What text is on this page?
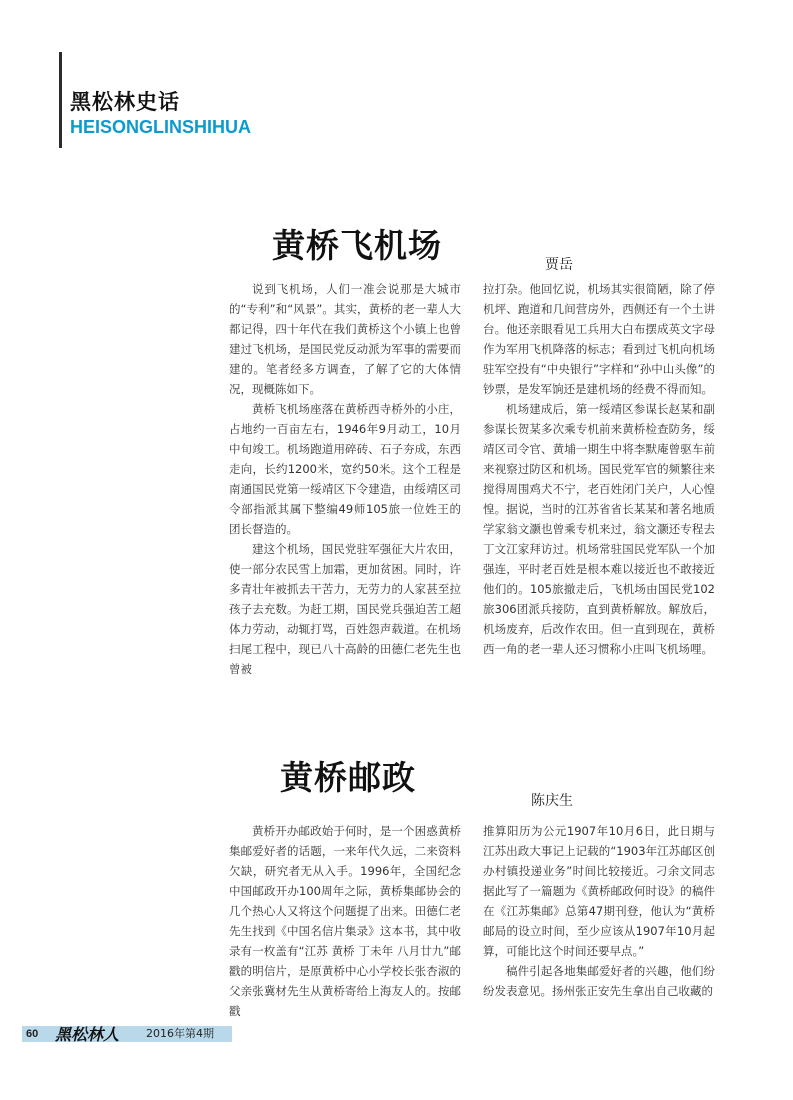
黑松林史话
HEISONGLINSHIHUA
黄桥飞机场	贾岳

说到飞机场，人们一准会说那是大城市的“专利”和“风景”。其实，黄桥的老一辈人大都记得，四十年代在我们黄桥这个小镇上也曾建过飞机场，是国民党反动派为军事的需要而建的。笔者经多方调查，了解了它的大体情况，现概陈如下。

黄桥飞机场座落在黄桥西寺桥外的小庄，占地约一百亩左右，1946年9月动工，10月中旬竣工。机场跑道用碎砖、石子夯成，东西走向，长约1200米，宽约50米。这个工程是南通国民党第一绥靖区下令建造，由绥靖区司令部指派其属下整编49师105旅一位姓王的团长督造的。

建这个机场，国民党驻军强征大片农田，使一部分农民雪上加霜，更加贫困。同时，许多青壮年被抓去干苦力，无劳力的人家甚至拉孩子去充数。为赶工期，国民党兵强迫苦工超体力劳动，动辄打骂，百姓怨声载道。在机场扫尾工程中，现已八十高龄的田德仁老先生也曾被

拉打杂。他回忆说，机场其实很简陋，除了停机坪、跑道和几间营房外，西侧还有一个土讲台。他还亲眼看见工兵用大白布摆成英文字母作为军用飞机降落的标志；看到过飞机向机场驻军空投有“中央银行”字样和“孙中山头像”的钞票，是发军饷还是建机场的经费不得而知。

机场建成后，第一绥靖区参谋长赵某和副参谋长贺某多次乘专机前来黄桥检查防务，绥靖区司令官、黄埔一期生中将李默庵曾驱车前来视察过防区和机场。国民党军官的频繁往来搅得周围鸡犬不宁，老百姓闭门关户，人心惶惶。据说，当时的江苏省省长某某和著名地质学家翁文灏也曾乘专机来过，翁文灏还专程去丁文江家拜访过。机场常驻国民党军队一个加强连，平时老百姓是根本难以接近也不敢接近他们的。105旅撤走后，飞机场由国民党102旅306团派兵接防，直到黄桥解放。解放后，机场废弃，后改作农田。但一直到现在，黄桥西一角的老一辈人还习惯称小庄叫飞机场哩。

黄桥邮政
陈庆生

黄桥开办邮政始于何时，是一个困惑黄桥集邮爱好者的话题，一来年代久远，二来资料欠缺，研究者无从入手。1996年，全国纪念中国邮政开办100周年之际，黄桥集邮协会的几个热心人又将这个问题提了出来。田德仁老先生找到《中国名信片集录》这本书，其中收录有一枚盖有“江苏 黄桥 丁未年 八月廿九”邮戳的明信片，是原黄桥中心小学校长张杏淑的父亲张冀材先生从黄桥寄给上海友人的。按邮戳

推算阳历为公元1907年10月6日，此日期与江苏出政大事记上记载的“1903年江苏邮区创办村镇投递业务”时间比较接近。刁余文同志据此写了一篇题为《黄桥邮政何时设》的稿件在《江苏集邮》总第47期刊登，他认为“黄桥邮局的设立时间，至少应该从1907年10月起算，可能比这个时间还要早点。”

稿件引起各地集邮爱好者的兴趣，他们纷纷发表意见。扬州张正安先生拿出自己收藏的

60 黑松林人 2016年第4期
